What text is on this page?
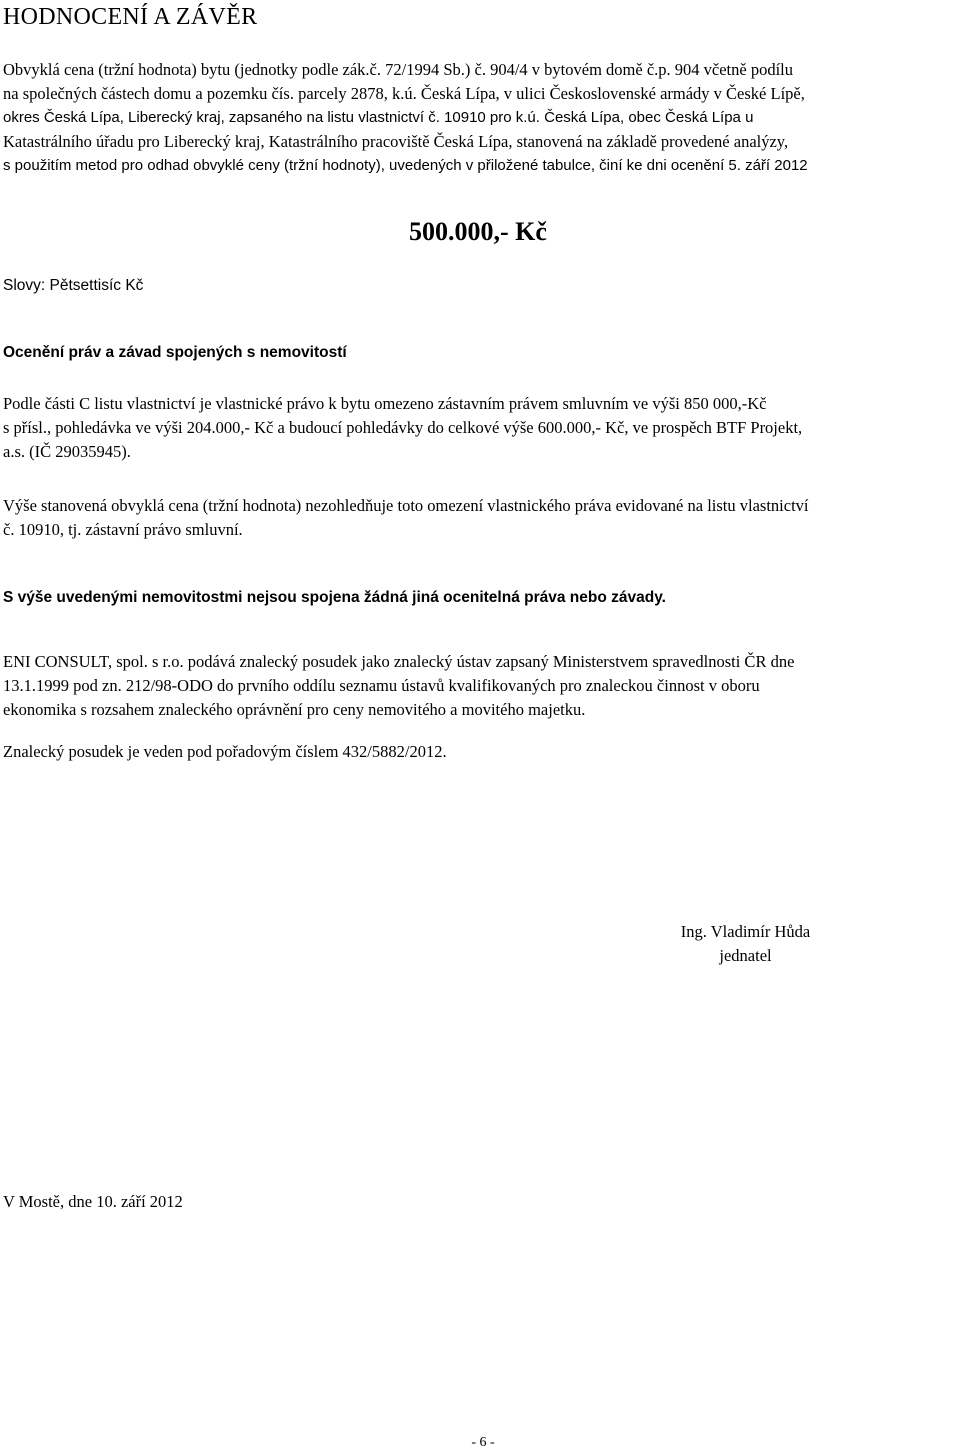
HODNOCENÍ A ZÁVĚR
Obvyklá cena (tržní hodnota) bytu (jednotky podle zák.č. 72/1994 Sb.) č. 904/4 v bytovém domě č.p. 904 včetně podílu
na společných částech domu a pozemku čís. parcely 2878, k.ú. Česká Lípa, v ulici Československé armády v České Lípě,
okres Česká Lípa, Liberecký kraj, zapsaného na listu vlastnictví č. 10910 pro k.ú. Česká Lípa, obec Česká Lípa u
Katastrálního úřadu pro Liberecký kraj, Katastrálního pracoviště Česká Lípa, stanovená na základě provedené analýzy,
s použitím metod pro odhad obvyklé ceny (tržní hodnoty), uvedených v přiložené tabulce, činí ke dni ocenění 5. září 2012
500.000,- Kč
Slovy: Pětsettisíc Kč
Ocenění práv a závad spojených s nemovitostí
Podle části C listu vlastnictví je vlastnické právo k bytu omezeno zástavním právem smluvním ve výši 850 000,-Kč
s přísl., pohledávka ve výši 204.000,- Kč a budoucí pohledávky do celkové výše 600.000,- Kč, ve prospěch BTF Projekt,
a.s. (IČ 29035945).
Výše stanovená obvyklá cena (tržní hodnota) nezohledňuje toto omezení vlastnického práva evidované na listu vlastnictví
č. 10910, tj. zástavní právo smluvní.
S výše uvedenými nemovitostmi nejsou spojena žádná jiná ocenitelná práva nebo závady.
ENI CONSULT, spol. s r.o. podává znalecký posudek jako znalecký ústav zapsaný Ministerstvem spravedlnosti ČR dne
13.1.1999 pod zn. 212/98-ODO do prvního oddílu seznamu ústavů kvalifikovaných pro znaleckou činnost v oboru
ekonomika s rozsahem znaleckého oprávnění pro ceny nemovitého a movitého majetku.
Znalecký posudek je veden pod pořadovým číslem 432/5882/2012.
Ing. Vladimír Hůda
jednatel
V Mostě, dne 10. září 2012
- 6 -
